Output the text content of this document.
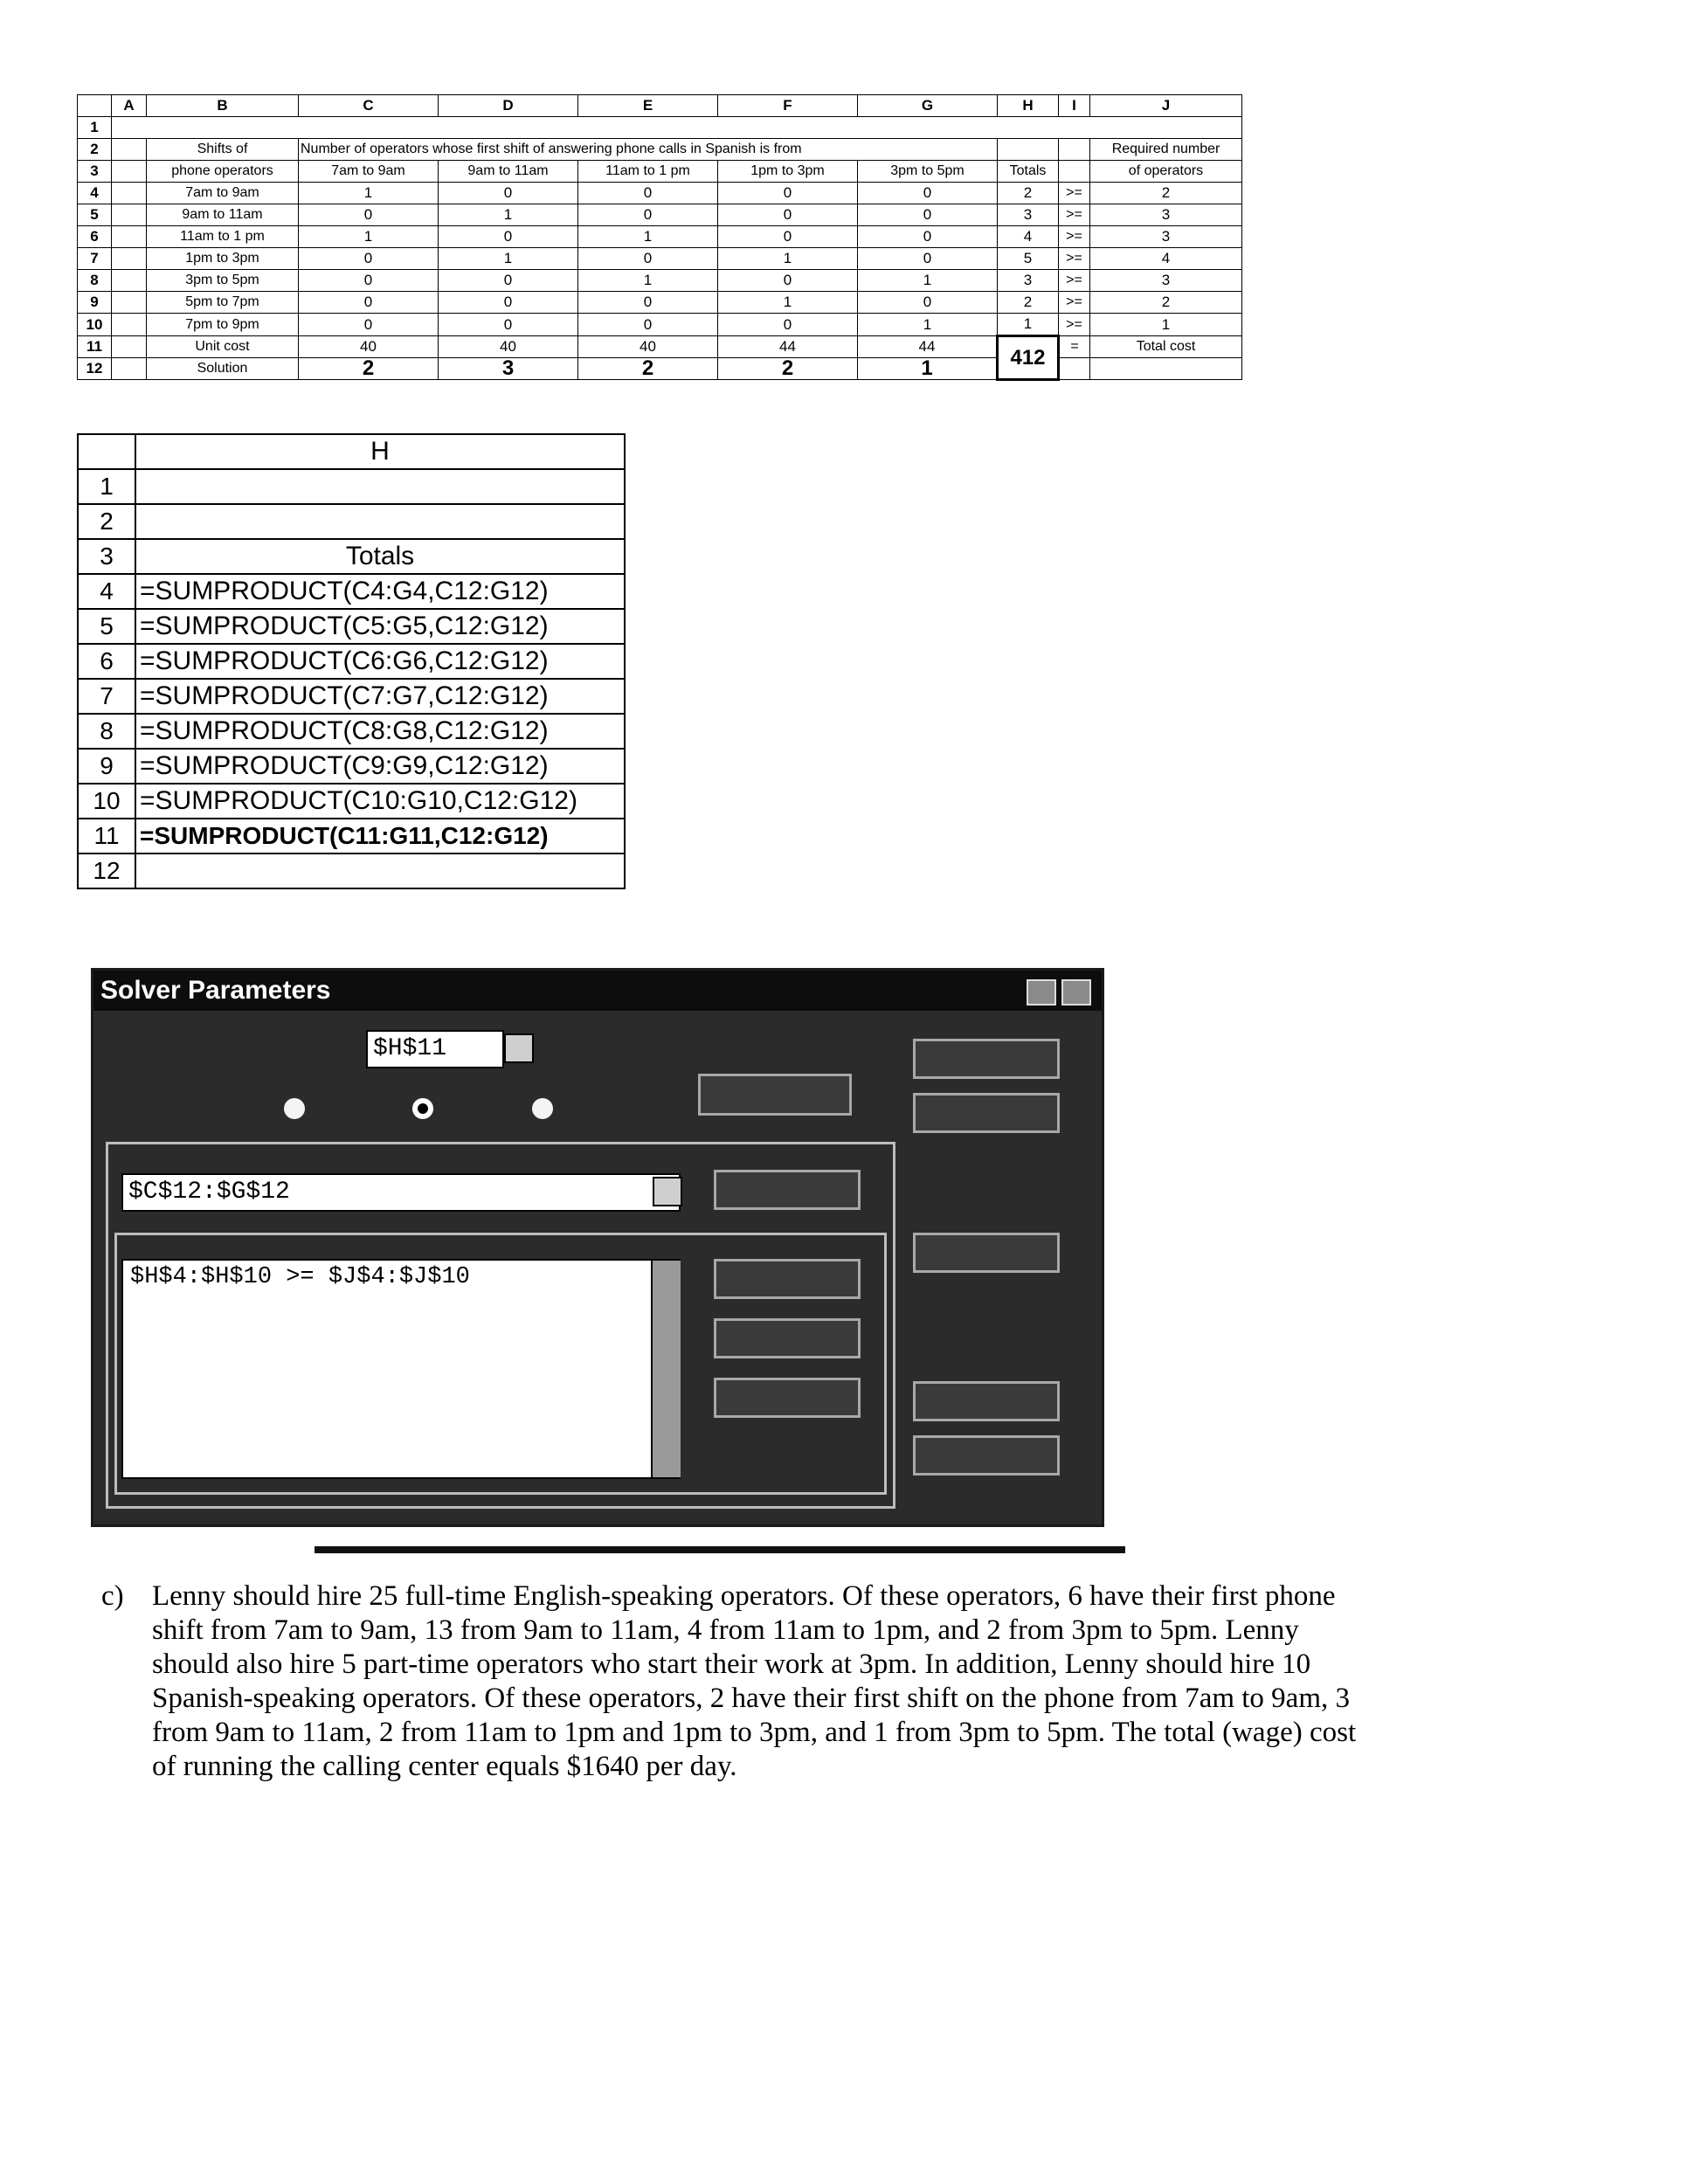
	A	B	C	D	E	F	G	H	I	J
1										
2		Shifts of	Number of operators whose first shift of answering phone calls in Spanish is from							Required number
3		phone operators	7am to 9am	9am to 11am	11am to 1 pm	1pm to 3pm	3pm to 5pm	Totals		of operators
4		7am to 9am	1	0	0	0	0	2	>=	2
5		9am to 11am	0	1	0	0	0	3	>=	3
6		11am to 1 pm	1	0	1	0	0	4	>=	3
7		1pm to 3pm	0	1	0	1	0	5	>=	4
8		3pm to 5pm	0	0	1	0	1	3	>=	3
9		5pm to 7pm	0	0	0	1	0	2	>=	2
10		7pm to 9pm	0	0	0	0	1	1	>=	1
11		Unit cost	40	40	40	44	44	412	=	Total cost
12		Solution	2	3	2	2	1			
	H
1	
2	
3	Totals
4	=SUMPRODUCT(C4:G4,C12:G12)
5	=SUMPRODUCT(C5:G5,C12:G12)
6	=SUMPRODUCT(C6:G6,C12:G12)
7	=SUMPRODUCT(C7:G7,C12:G12)
8	=SUMPRODUCT(C8:G8,C12:G12)
9	=SUMPRODUCT(C9:G9,C12:G12)
10	=SUMPRODUCT(C10:G10,C12:G12)
11	=SUMPRODUCT(C11:G11,C12:G12)
12	
Solver Parameters
$H$11
$C$12:$G$12
$H$4:$H$10 >= $J$4:$J$10
c) Lenny should hire 25 full-time English-speaking operators. Of these operators, 6 have their first phone shift from 7am to 9am, 13 from 9am to 11am, 4 from 11am to 1pm, and 2 from 3pm to 5pm. Lenny should also hire 5 part-time operators who start their work at 3pm. In addition, Lenny should hire 10 Spanish-speaking operators. Of these operators, 2 have their first shift on the phone from 7am to 9am, 3 from 9am to 11am, 2 from 11am to 1pm and 1pm to 3pm, and 1 from 3pm to 5pm. The total (wage) cost of running the calling center equals $1640 per day.
